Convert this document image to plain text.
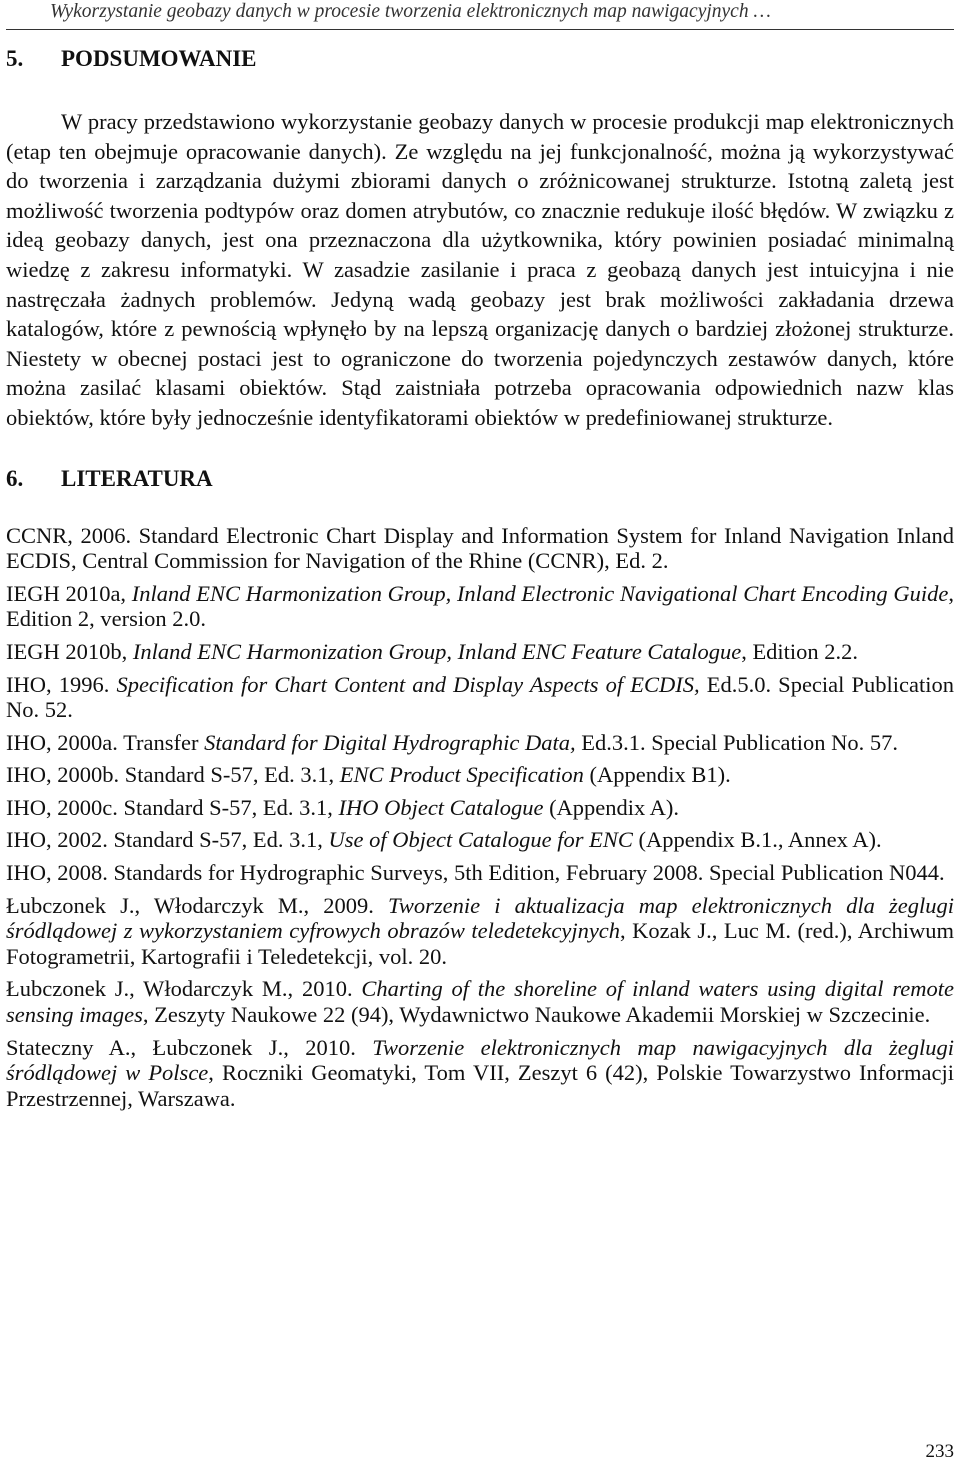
Wykorzystanie geobazy danych w procesie tworzenia elektronicznych map nawigacyjnych …
5. PODSUMOWANIE

W pracy przedstawiono wykorzystanie geobazy danych w procesie produkcji map elektronicznych (etap ten obejmuje opracowanie danych). Ze względu na jej funkcjonalność, można ją wykorzystywać do tworzenia i zarządzania dużymi zbiorami danych o zróżnicowanej strukturze. Istotną zaletą jest możliwość tworzenia podtypów oraz domen atrybutów, co znacznie redukuje ilość błędów. W związku z ideą geobazy danych, jest ona przeznaczona dla użytkownika, który powinien posiadać minimalną wiedzę z zakresu informatyki. W zasadzie zasilanie i praca z geobazą danych jest intuicyjna i nie nastręczała żadnych problemów. Jedyną wadą geobazy jest brak możliwości zakładania drzewa katalogów, które z pewnością wpłynęło by na lepszą organizację danych o bardziej złożonej strukturze. Niestety w obecnej postaci jest to ograniczone do tworzenia pojedynczych zestawów danych, które można zasilać klasami obiektów. Stąd zaistniała potrzeba opracowania odpowiednich nazw klas obiektów, które były jednocześnie identyfikatorami obiektów w predefiniowanej strukturze.

6. LITERATURA
CCNR, 2006. Standard Electronic Chart Display and Information System for Inland Navigation Inland ECDIS, Central Commission for Navigation of the Rhine (CCNR), Ed. 2.
IEGH 2010a, Inland ENC Harmonization Group, Inland Electronic Navigational Chart Encoding Guide, Edition 2, version 2.0.
IEGH 2010b, Inland ENC Harmonization Group, Inland ENC Feature Catalogue, Edition 2.2.
IHO, 1996. Specification for Chart Content and Display Aspects of ECDIS, Ed.5.0. Special Publication No. 52.
IHO, 2000a. Transfer Standard for Digital Hydrographic Data, Ed.3.1. Special Publication No. 57.
IHO, 2000b. Standard S-57, Ed. 3.1, ENC Product Specification (Appendix B1).
IHO, 2000c. Standard S-57, Ed. 3.1, IHO Object Catalogue (Appendix A).
IHO, 2002. Standard S-57, Ed. 3.1, Use of Object Catalogue for ENC (Appendix B.1., Annex A).
IHO, 2008. Standards for Hydrographic Surveys, 5th Edition, February 2008. Special Publication N044.
Łubczonek J., Włodarczyk M., 2009. Tworzenie i aktualizacja map elektronicznych dla żeglugi śródlądowej z wykorzystaniem cyfrowych obrazów teledetekcyjnych, Kozak J., Luc M. (red.), Archiwum Fotogrametrii, Kartografii i Teledetekcji, vol. 20.
Łubczonek J., Włodarczyk M., 2010. Charting of the shoreline of inland waters using digital remote sensing images, Zeszyty Naukowe 22 (94), Wydawnictwo Naukowe Akademii Morskiej w Szczecinie.
Stateczny A., Łubczonek J., 2010. Tworzenie elektronicznych map nawigacyjnych dla żeglugi śródlądowej w Polsce, Roczniki Geomatyki, Tom VII, Zeszyt 6 (42), Polskie Towarzystwo Informacji Przestrzennej, Warszawa.
233
